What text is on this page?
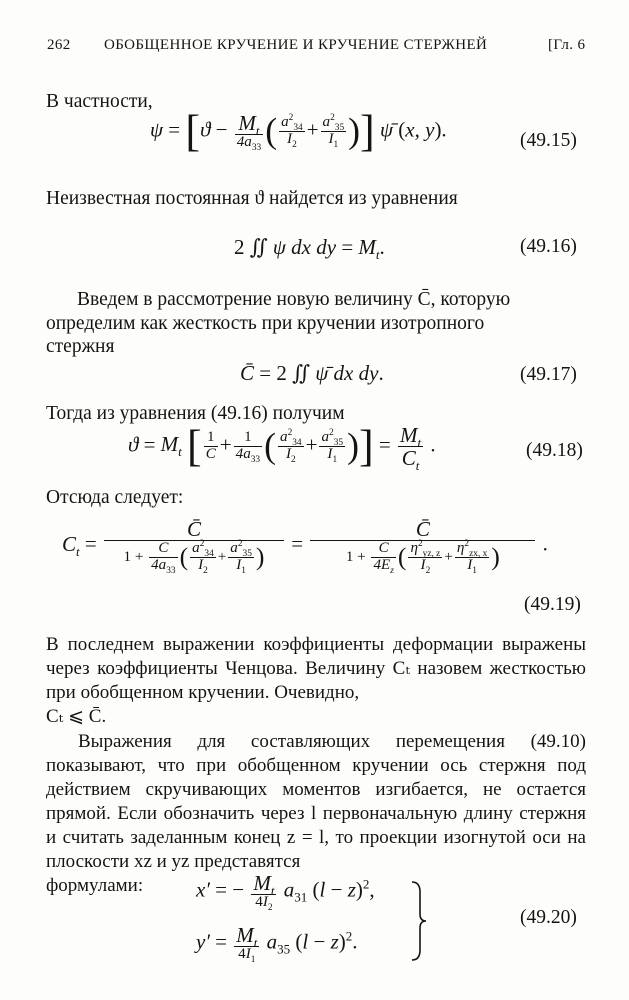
262 ОБОБЩЕННОЕ КРУЧЕНИЕ И КРУЧЕНИЕ СТЕРЖНЕЙ	[Гл. 6
В частности,
$\psi = [ϑ - \frac{M_t}{4a_{33}}$ ( $\frac{a^2_{34}}{I_2} + \frac{a^2_{35}}{I_1}$ )] ψ̄ (x, y).	(49.15)
Неизвестная постоянная ϑ найдется из уравнения
2 ∬ ψ dx dy = $M_t$.	(49.16)
Введем в рассмотрение новую величину C̄, которую
определим как жесткость при кручении изотропного
стержня
C̄ = 2 ∬ ψ̄ dx dy.	(49.17)
Тогда из уравнения (49.16) получим
$ϑ = M_t$ [ $\frac{1}{C̄} + \frac{1}{4a_{33}}$ ( $\frac{a^2_{34}}{I_2} + \frac{a^2_{35}}{I_1}$ )] = $\frac{M_t}{C_t}$ .	(49.18)
Отсюда следует:
$C_t = \frac{C̄}{1 + \frac{C̄}{4a_{33}} ( \frac{a^2_{34}}{I_2} + \frac{a^2_{35}}{I_1} )} = \frac{C̄}{1 + \frac{C̄}{4E_z} ( \frac{\eta^2_{yz, z}}{I_2} + \frac{\eta^2_{zx, x}}{I_1} )}$ .
(49.19)
В последнем выражении коэффициенты деформации выражены через коэффициенты Ченцова. Величину Cₜ назовем жесткостью при обобщенном кручении. Очевидно,
Cₜ ⩽ C̄.
Выражения для составляющих перемещения (49.10) показывают, что при обобщенном кручении ось стержня под действием скручивающих моментов изгибается, не остается прямой. Если обозначить через l первоначальную длину стержня и считать заделанным конец z = l, то проекции изогнутой оси на плоскости xz и yz представятся
формулами:	x′ = − $\frac{M_t}{4I_2} a_{31}$ $(l - z)^2$,
$y' = \frac{M_t}{4I_1} a_{35}$ $(l - z)^2$.
(49.20)
